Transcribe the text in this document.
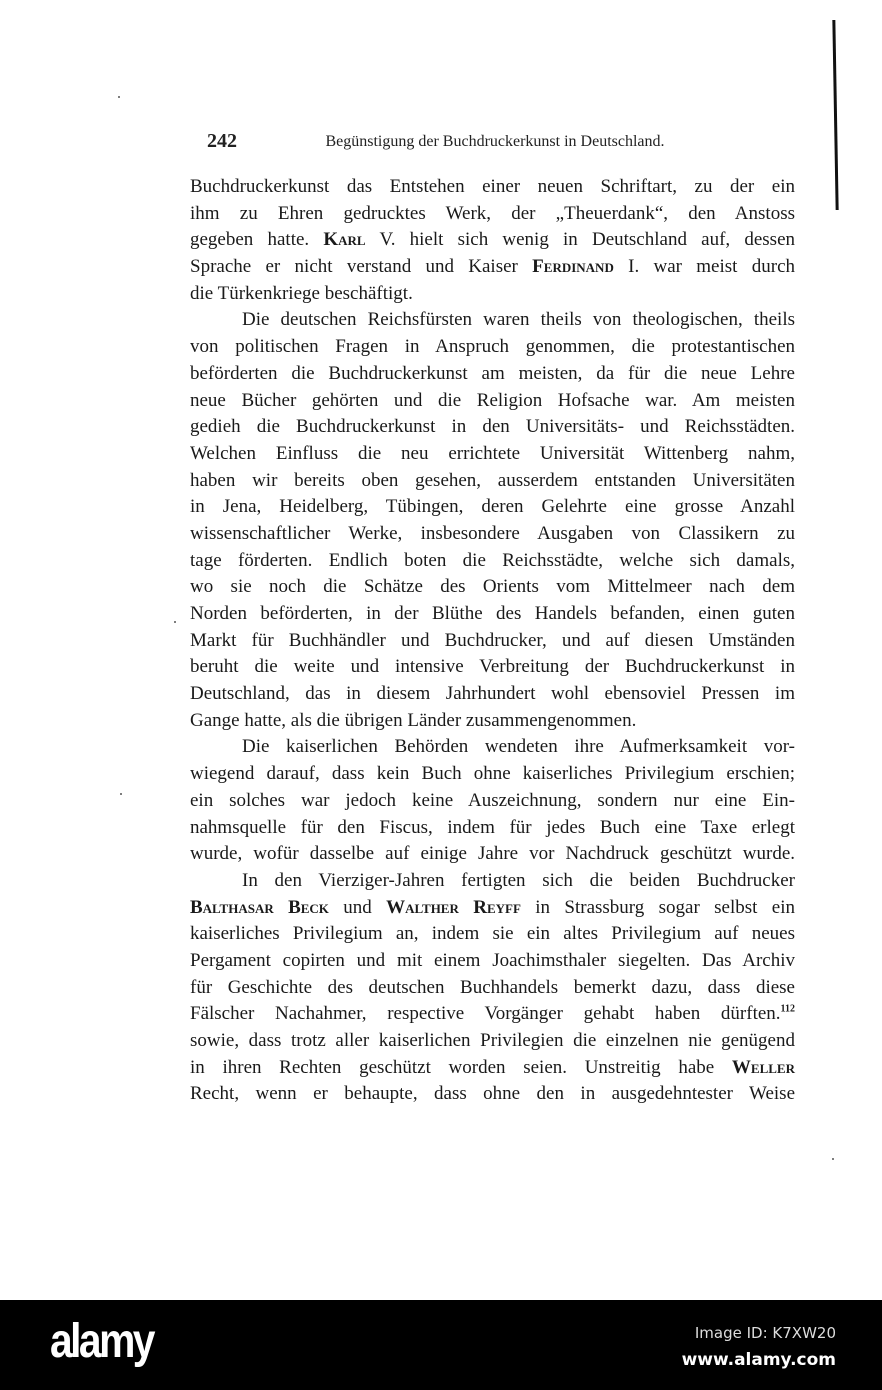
242	Begünstigung der Buchdruckerkunst in Deutschland.
Buchdruckerkunst das Entstehen einer neuen Schriftart, zu der ein
ihm zu Ehren gedrucktes Werk, der „Theuerdank“, den Anstoss
gegeben hatte. Karl V. hielt sich wenig in Deutschland auf, dessen
Sprache er nicht verstand und Kaiser Ferdinand I. war meist durch
die Türkenkriege beschäftigt.
Die deutschen Reichsfürsten waren theils von theologischen, theils
von politischen Fragen in Anspruch genommen, die protestantischen
beförderten die Buchdruckerkunst am meisten, da für die neue Lehre
neue Bücher gehörten und die Religion Hofsache war. Am meisten
gedieh die Buchdruckerkunst in den Universitäts- und Reichsstädten.
Welchen Einfluss die neu errichtete Universität Wittenberg nahm,
haben wir bereits oben gesehen, ausserdem entstanden Universitäten
in Jena, Heidelberg, Tübingen, deren Gelehrte eine grosse Anzahl
wissenschaftlicher Werke, insbesondere Ausgaben von Classikern zu
tage förderten. Endlich boten die Reichsstädte, welche sich damals,
wo sie noch die Schätze des Orients vom Mittelmeer nach dem
Norden beförderten, in der Blüthe des Handels befanden, einen guten
Markt für Buchhändler und Buchdrucker, und auf diesen Umständen
beruht die weite und intensive Verbreitung der Buchdruckerkunst in
Deutschland, das in diesem Jahrhundert wohl ebensoviel Pressen im
Gange hatte, als die übrigen Länder zusammengenommen.
Die kaiserlichen Behörden wendeten ihre Aufmerksamkeit vor-
wiegend darauf, dass kein Buch ohne kaiserliches Privilegium erschien;
ein solches war jedoch keine Auszeichnung, sondern nur eine Ein-
nahmsquelle für den Fiscus, indem für jedes Buch eine Taxe erlegt
wurde, wofür dasselbe auf einige Jahre vor Nachdruck geschützt wurde.
In den Vierziger-Jahren fertigten sich die beiden Buchdrucker
Balthasar Beck und Walther Reyff in Strassburg sogar selbst ein
kaiserliches Privilegium an, indem sie ein altes Privilegium auf neues
Pergament copirten und mit einem Joachimsthaler siegelten. Das Archiv
für Geschichte des deutschen Buchhandels bemerkt dazu, dass diese
Fälscher Nachahmer, respective Vorgänger gehabt haben dürften.$^{112}$
sowie, dass trotz aller kaiserlichen Privilegien die einzelnen nie genügend
in ihren Rechten geschützt worden seien. Unstreitig habe Weller
Recht, wenn er behaupte, dass ohne den in ausgedehntester Weise
alamy	Image ID: K7XW20
www.alamy.com
